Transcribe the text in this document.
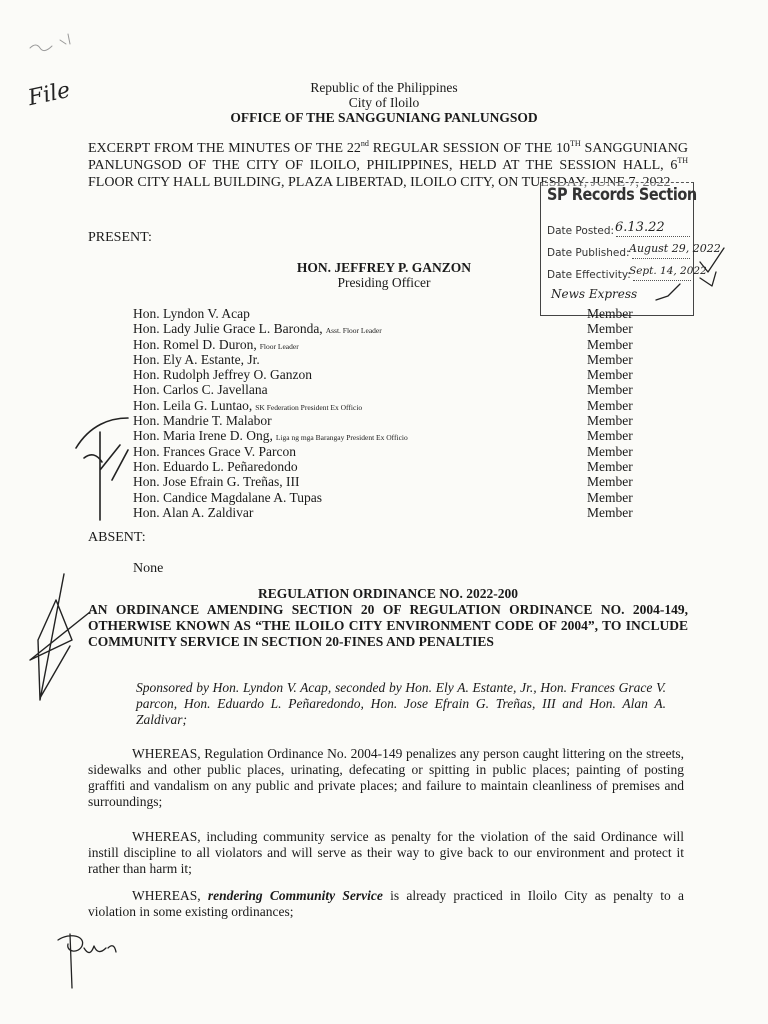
Republic of the Philippines
City of Iloilo
OFFICE OF THE SANGGUNIANG PANLUNGSOD
EXCERPT FROM THE MINUTES OF THE 22nd REGULAR SESSION OF THE 10TH SANGGUNIANG PANLUNGSOD OF THE CITY OF ILOILO, PHILIPPINES, HELD AT THE SESSION HALL, 6TH FLOOR CITY HALL BUILDING, PLAZA LIBERTAD, ILOILO CITY, ON TUESDAY, JUNE 7, 2022
SP Records Section
Date Posted: 6.13.22
Date Published: August 29, 2022
Date Effectivity:
Sept. 14, 2022
News Express
PRESENT:
HON. JEFFREY P. GANZON
Presiding Officer
Hon. Lyndon V. Acap	Member
Hon. Lady Julie Grace L. Baronda, Asst. Floor Leader	Member
Hon. Romel D. Duron, Floor Leader	Member
Hon. Ely A. Estante, Jr.	Member
Hon. Rudolph Jeffrey O. Ganzon	Member
Hon. Carlos C. Javellana	Member
Hon. Leila G. Luntao, SK Federation President Ex Officio	Member
Hon. Mandrie T. Malabor	Member
Hon. Maria Irene D. Ong, Liga ng mga Barangay President Ex Officio	Member
Hon. Frances Grace V. Parcon	Member
Hon. Eduardo L. Peñaredondo	Member
Hon. Jose Efrain G. Treñas, III	Member
Hon. Candice Magdalane A. Tupas	Member
Hon. Alan A. Zaldivar	Member
ABSENT:
None
REGULATION ORDINANCE NO. 2022-200
AN ORDINANCE AMENDING SECTION 20 OF REGULATION ORDINANCE NO. 2004-149, OTHERWISE KNOWN AS “THE ILOILO CITY ENVIRONMENT CODE OF 2004”, TO INCLUDE COMMUNITY SERVICE IN SECTION 20-FINES AND PENALTIES
Sponsored by Hon. Lyndon V. Acap, seconded by Hon. Ely A. Estante, Jr., Hon. Frances Grace V. parcon, Hon. Eduardo L. Peñaredondo, Hon. Jose Efrain G. Treñas, III and Hon. Alan A. Zaldivar;
WHEREAS, Regulation Ordinance No. 2004-149 penalizes any person caught littering on the streets, sidewalks and other public places, urinating, defecating or spitting in public places; painting of posting graffiti and vandalism on any public and private places; and failure to maintain cleanliness of premises and surroundings;
WHEREAS, including community service as penalty for the violation of the said Ordinance will instill discipline to all violators and will serve as their way to give back to our environment and protect it rather than harm it;
WHEREAS, rendering Community Service is already practiced in Iloilo City as penalty to a violation in some existing ordinances;
File
